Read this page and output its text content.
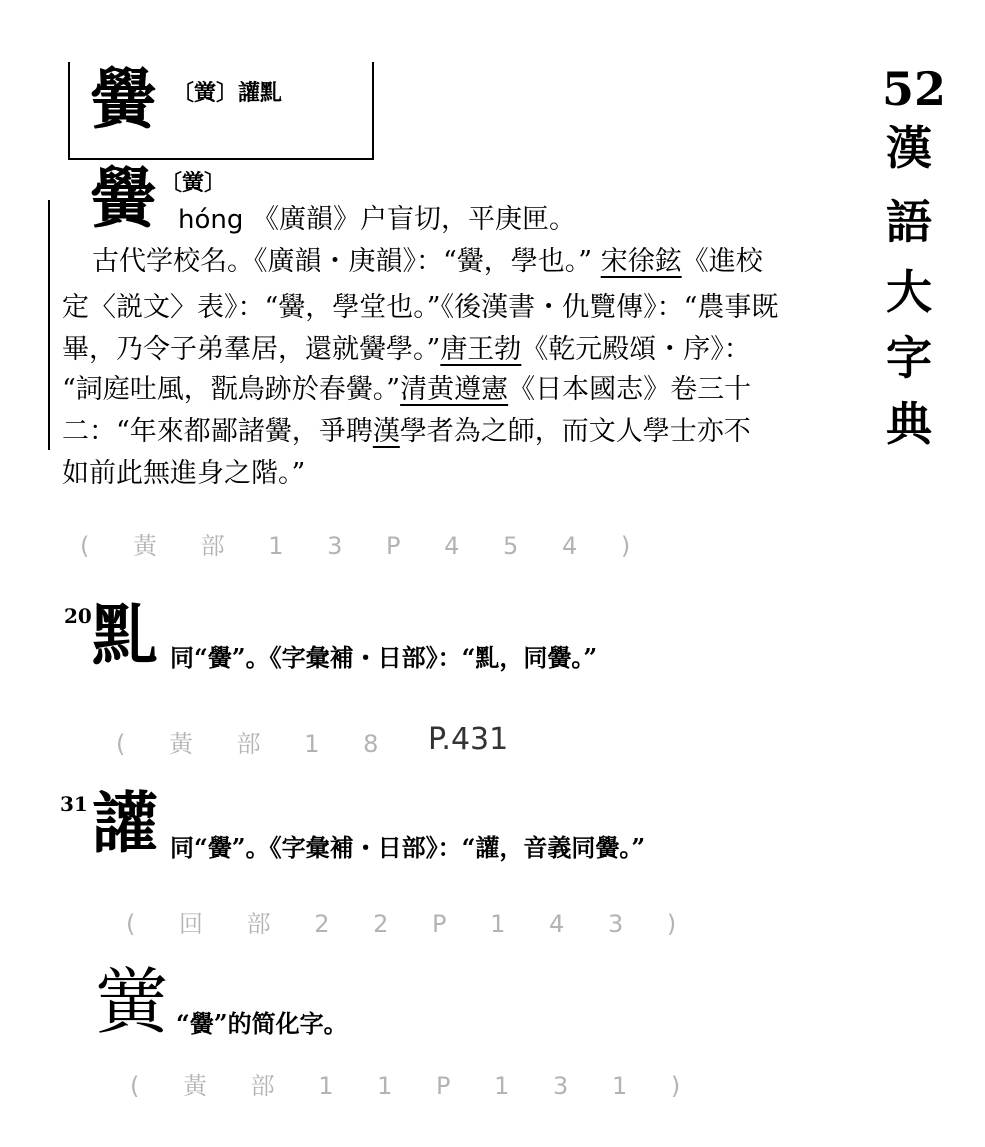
52
漢
語
大
字
典
黌 〔黉〕讙䵝
黌 〔黉〕
hóng 《廣韻》户盲切，平庚匣。
古代学校名。《廣韻・庚韻》：“黌，學也。” 宋徐鉉《進校
定〈説文〉表》：“黌，學堂也。”《後漢書・仇覽傳》：“農事既
畢，乃令子弟羣居，還就黌學。”唐王勃《乾元殿頌・序》：
“詞庭吐風，翫鳥跡於春黌。”清黄遵憲《日本國志》卷三十
二：“年來都鄙諸黌，爭聘漢學者為之師，而文人學士亦不
如前此無進身之階。”
( 黃 部 1 3 P 4 5 4 )
20 䵝 同“黌”。《字彙補・日部》：“䵝，同黌。”
( 黃 部 1 8 P.431
31 讙 同“黌”。《字彙補・日部》：“讙，音義同黌。”
( 回 部 2 2 P 1 4 3 )
黉 “黌”的简化字。
( 黃 部 1 1 P 1 3 1 )
